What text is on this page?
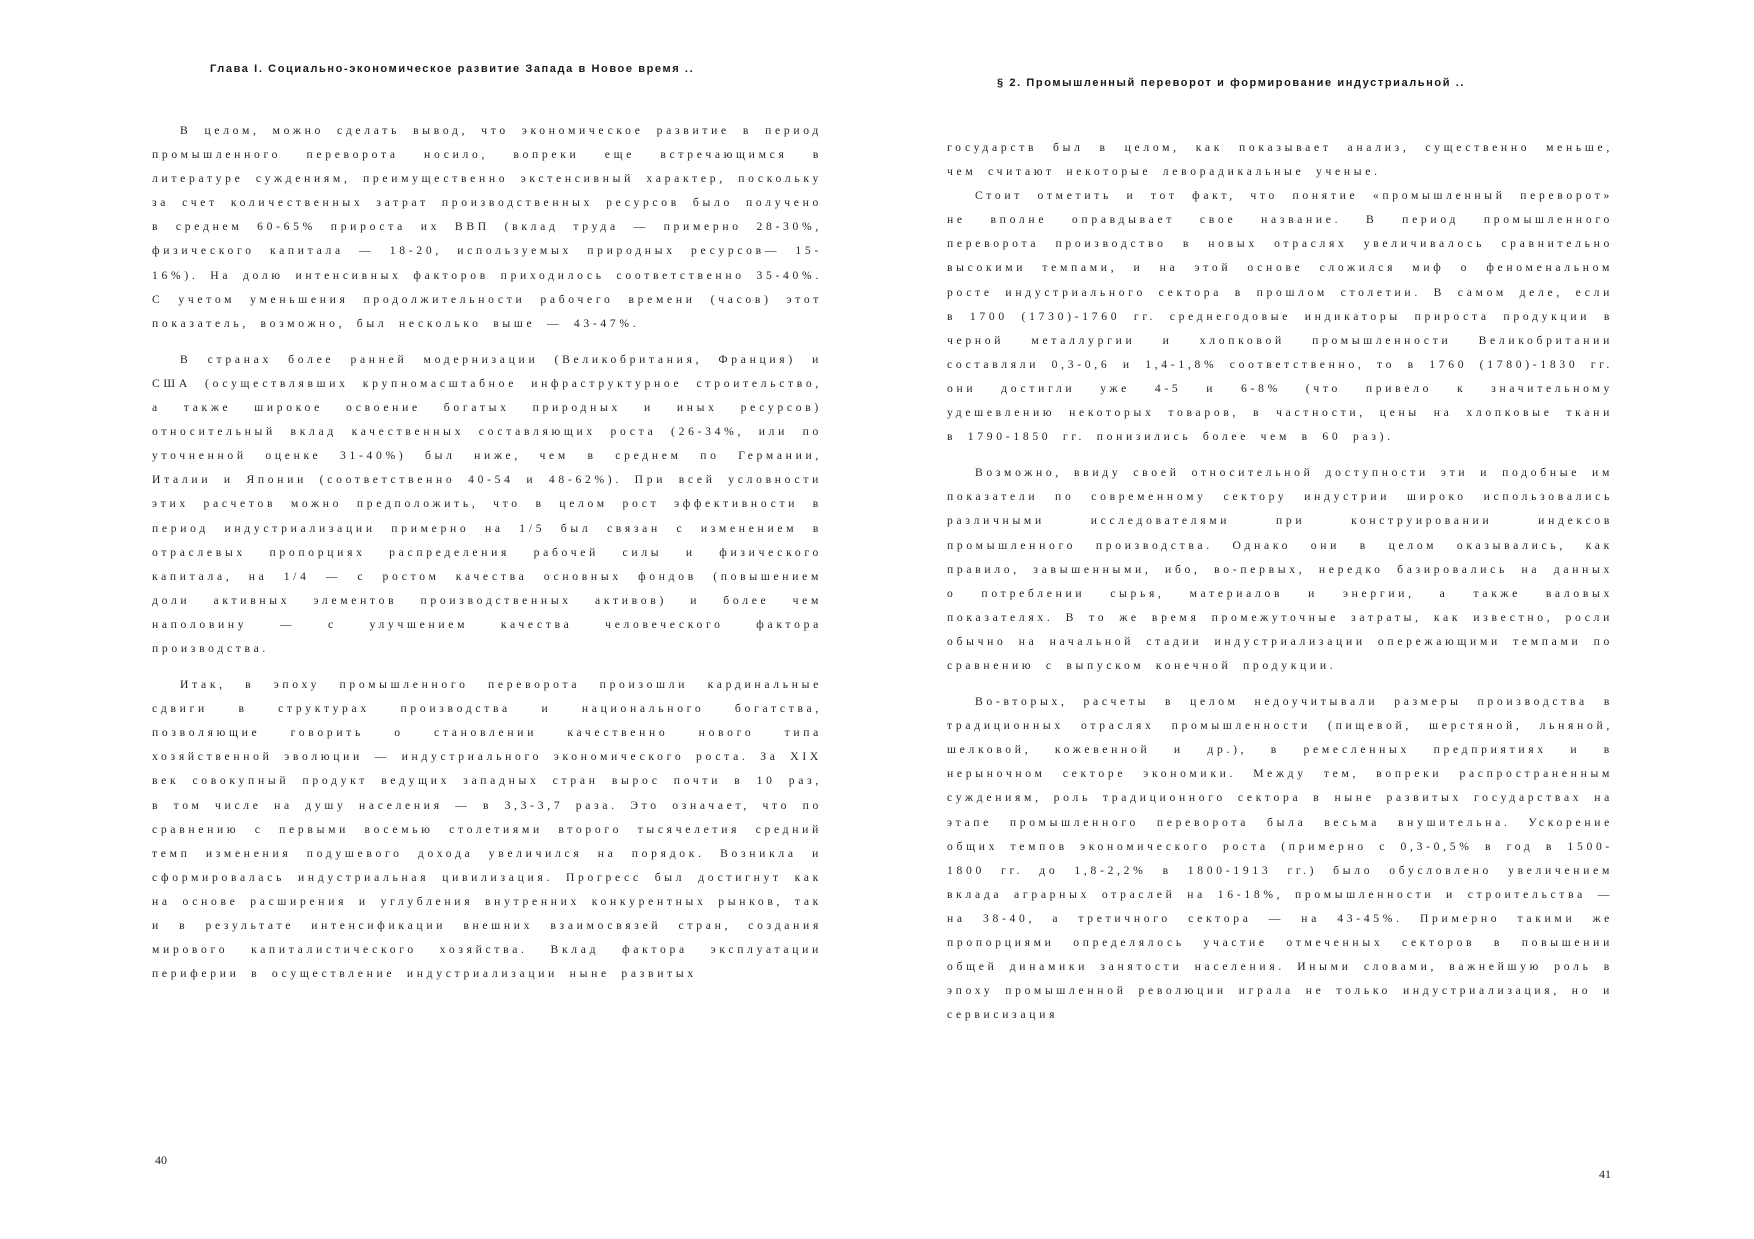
Глава I. Социально-экономическое развитие Запада в Новое время ..

В целом, можно сделать вывод, что экономическое развитие в период промышленного переворота носило, вопреки еще встречающимся в литературе суждениям, преимущественно экстенсивный характер, поскольку за счет количественных затрат производственных ресурсов было получено в среднем 60-65% прироста их ВВП (вклад труда — примерно 28-30%, физического капитала — 18-20, используемых природных ресурсов— 15-16%). На долю интенсивных факторов приходилось соответственно 35-40%. С учетом уменьшения продолжительности рабочего времени (часов) этот показатель, возможно, был несколько выше — 43-47%.

В странах более ранней модернизации (Великобритания, Франция) и США (осуществлявших крупномасштабное инфраструктурное строительство, а также широкое освоение богатых природных и иных ресурсов) относительный вклад качественных составляющих роста (26-34%, или по уточненной оценке 31-40%) был ниже, чем в среднем по Германии, Италии и Японии (соответственно 40-54 и 48-62%). При всей условности этих расчетов можно предположить, что в целом рост эффективности в период индустриализации примерно на 1/5 был связан с изменением в отраслевых пропорциях распределения рабочей силы и физического капитала, на 1/4 — с ростом качества основных фондов (повышением доли активных элементов производственных активов) и более чем наполовину — с улучшением качества человеческого фактора производства.

Итак, в эпоху промышленного переворота произошли кардинальные сдвиги в структурах производства и национального богатства, позволяющие говорить о становлении качественно нового типа хозяйственной эволюции — индустриального экономического роста. За XIX век совокупный продукт ведущих западных стран вырос почти в 10 раз, в том числе на душу населения — в 3,3-3,7 раза. Это означает, что по сравнению с первыми восемью столетиями второго тысячелетия средний темп изменения подушевого дохода увеличился на порядок. Возникла и сформировалась индустриальная цивилизация. Прогресс был достигнут как на основе расширения и углубления внутренних конкурентных рынков, так и в результате интенсификации внешних взаимосвязей стран, создания мирового капиталистического хозяйства. Вклад фактора эксплуатации периферии в осуществление индустриализации ныне развитых

40
§ 2. Промышленный переворот и формирование индустриальной ..

государств был в целом, как показывает анализ, существенно меньше, чем считают некоторые леворадикальные ученые.

Стоит отметить и тот факт, что понятие «промышленный переворот» не вполне оправдывает свое название. В период промышленного переворота производство в новых отраслях увеличивалось сравнительно высокими темпами, и на этой основе сложился миф о феноменальном росте индустриального сектора в прошлом столетии. В самом деле, если в 1700 (1730)-1760 гг. среднегодовые индикаторы прироста продукции в черной металлургии и хлопковой промышленности Великобритании составляли 0,3-0,6 и 1,4-1,8% соответственно, то в 1760 (1780)-1830 гг. они достигли уже 4-5 и 6-8% (что привело к значительному удешевлению некоторых товаров, в частности, цены на хлопковые ткани в 1790-1850 гг. понизились более чем в 60 раз).

Возможно, ввиду своей относительной доступности эти и подобные им показатели по современному сектору индустрии широко использовались различными исследователями при конструировании индексов промышленного производства. Однако они в целом оказывались, как правило, завышенными, ибо, во-первых, нередко базировались на данных о потреблении сырья, материалов и энергии, а также валовых показателях. В то же время промежуточные затраты, как известно, росли обычно на начальной стадии индустриализации опережающими темпами по сравнению с выпуском конечной продукции.

Во-вторых, расчеты в целом недоучитывали размеры производства в традиционных отраслях промышленности (пищевой, шерстяной, льняной, шелковой, кожевенной и др.), в ремесленных предприятиях и в нерыночном секторе экономики. Между тем, вопреки распространенным суждениям, роль традиционного сектора в ныне развитых государствах на этапе промышленного переворота была весьма внушительна. Ускорение общих темпов экономического роста (примерно с 0,3-0,5% в год в 1500-1800 гг. до 1,8-2,2% в 1800-1913 гг.) было обусловлено увеличением вклада аграрных отраслей на 16-18%, промышленности и строительства — на 38-40, а третичного сектора — на 43-45%. Примерно такими же пропорциями определялось участие отмеченных секторов в повышении общей динамики занятости населения. Иными словами, важнейшую роль в эпоху промышленной революции играла не только индустриализация, но и сервисизация

41
